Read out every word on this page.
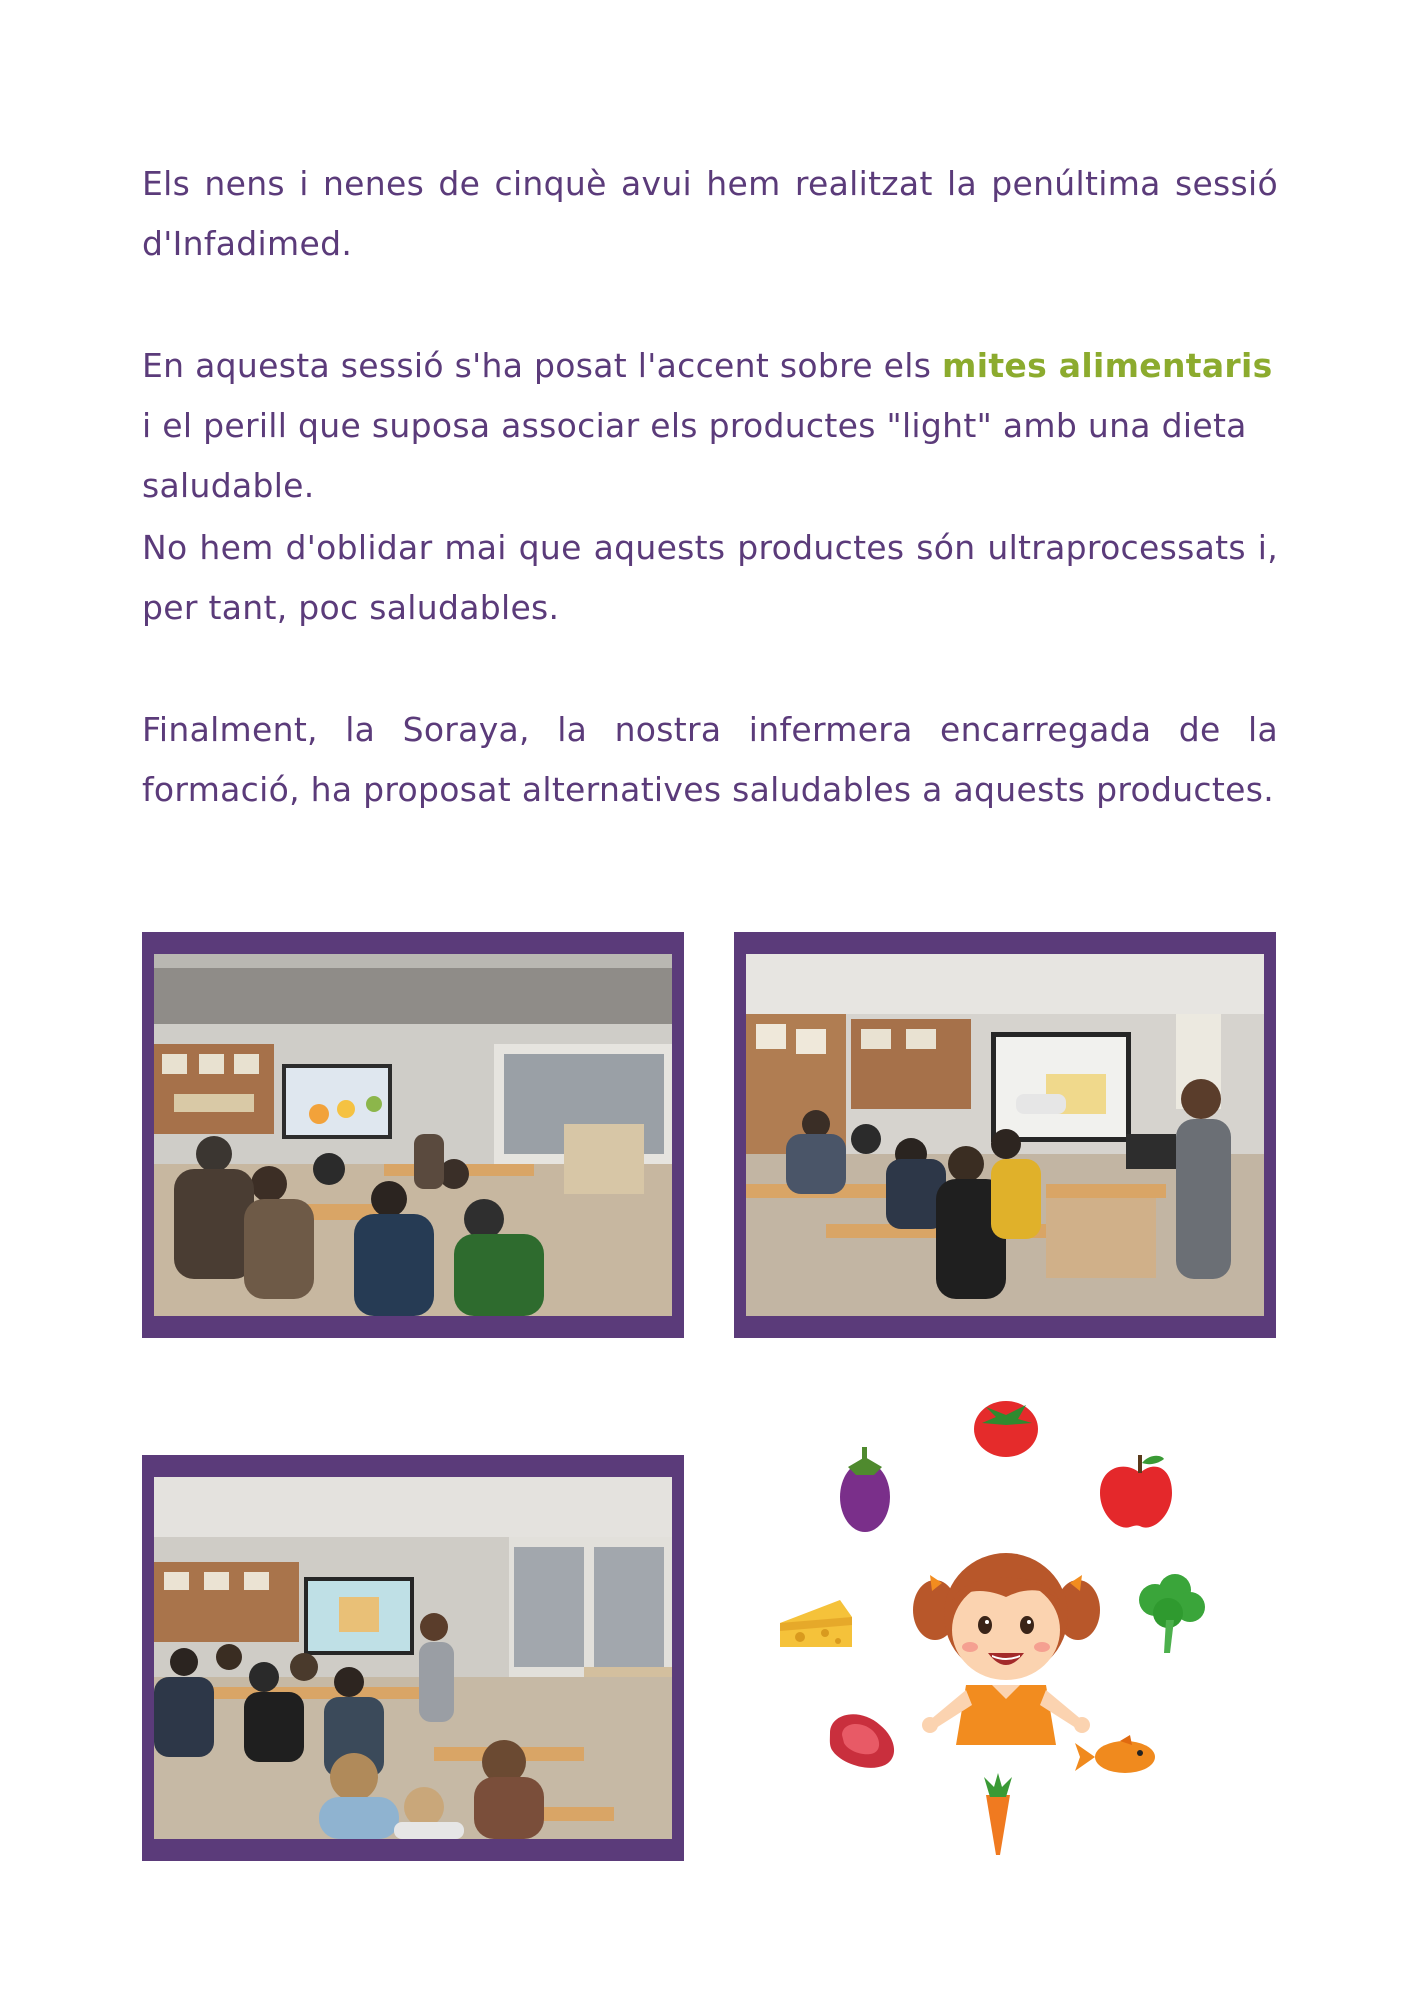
Els nens i nenes de cinquè avui hem realitzat la penúltima sessió d'Infadimed.

En aquesta sessió s'ha posat l'accent sobre els mites alimentaris i el perill que suposa associar els productes "light" amb una dieta saludable.

No hem d'oblidar mai que aquests productes són ultraprocessats i, per tant, poc saludables.

Finalment, la Soraya, la nostra infermera encarregada de la formació, ha proposat alternatives saludables a aquests productes.
